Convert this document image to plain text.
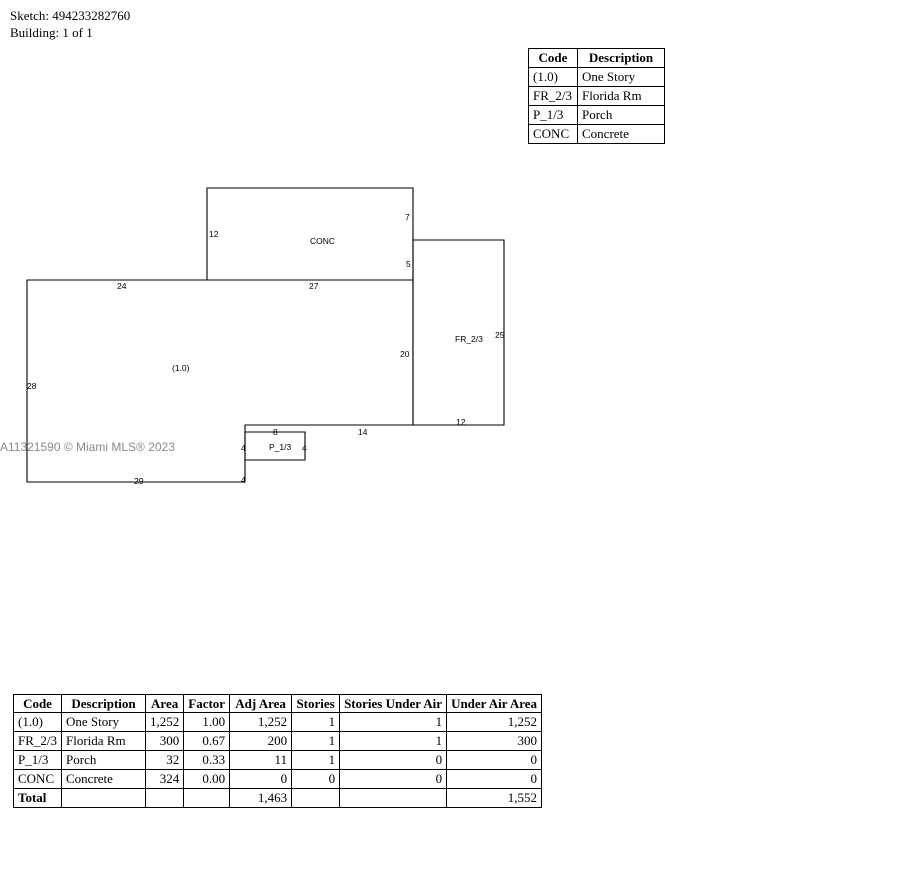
Sketch: 494233282760
Building: 1 of 1
Code	Description
(1.0)	One Story
FR_2/3	Florida Rm
P_1/3	Porch
CONC	Concrete
CONC
(1.0)
FR_2/3
P_1/3
12
7
5
24	27
25
20
28
12
14
8
4	4
4
29
A11321590 © Miami MLS® 2023
Code	Description	Area	Factor	Adj Area	Stories	Stories Under Air	Under Air Area
(1.0)	One Story	1,252	1.00	1,252	1	1	1,252
FR_2/3	Florida Rm	300	0.67	200	1	1	300
P_1/3	Porch	32	0.33	11	1	0	0
CONC	Concrete	324	0.00	0	0	0	0
Total				1,463			1,552
